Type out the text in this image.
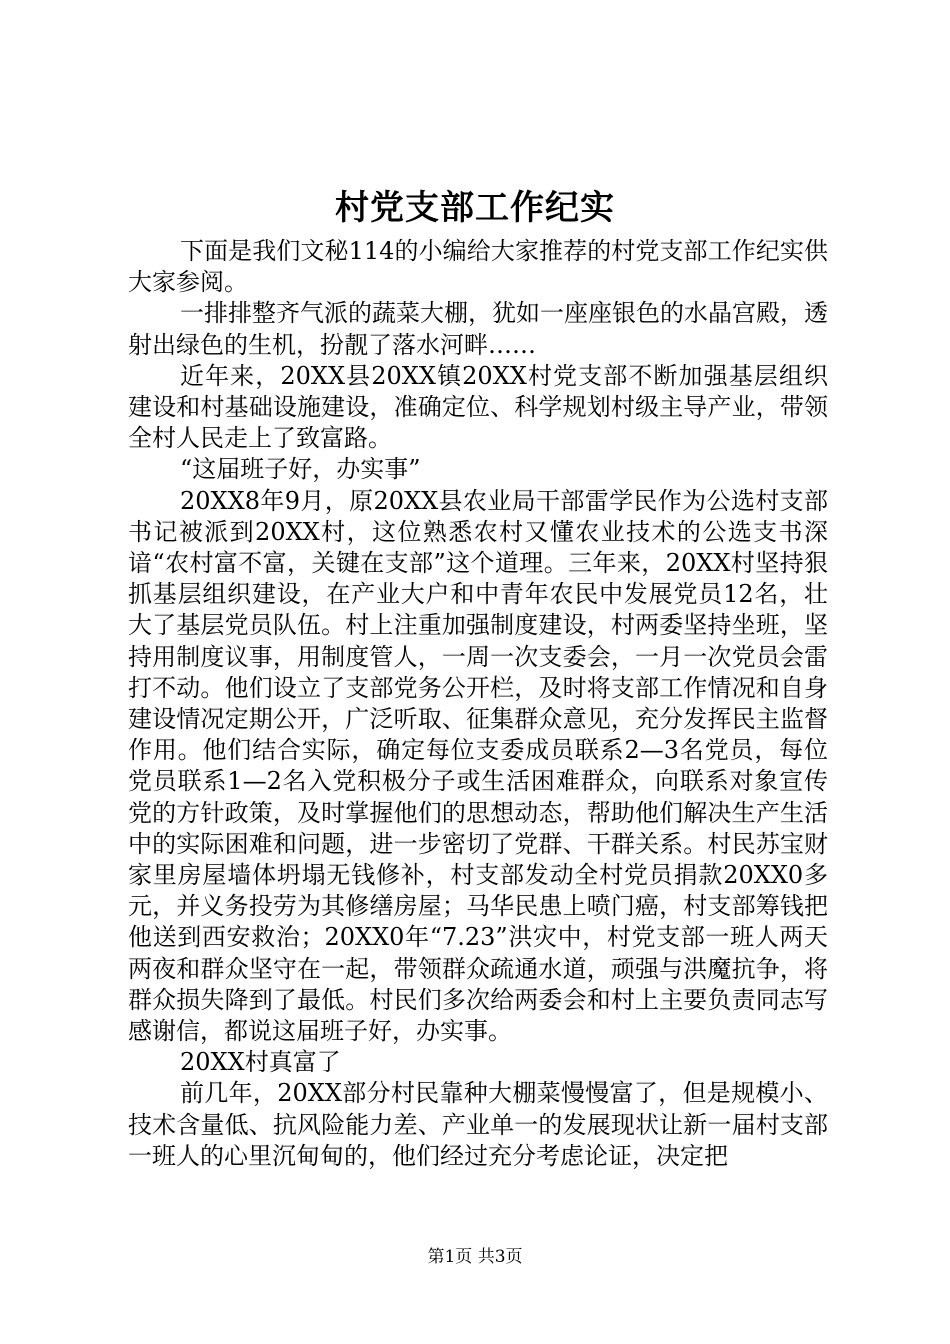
村党支部工作纪实

下面是我们文秘114的小编给大家推荐的村党支部工作纪实供大家参阅。

一排排整齐气派的蔬菜大棚，犹如一座座银色的水晶宫殿，透射出绿色的生机，扮靓了落水河畔……

近年来，20XX县20XX镇20XX村党支部不断加强基层组织建设和村基础设施建设，准确定位、科学规划村级主导产业，带领全村人民走上了致富路。

“这届班子好，办实事”

20XX8年9月，原20XX县农业局干部雷学民作为公选村支部书记被派到20XX村，这位熟悉农村又懂农业技术的公选支书深谙“农村富不富，关键在支部”这个道理。三年来，20XX村坚持狠抓基层组织建设，在产业大户和中青年农民中发展党员12名，壮大了基层党员队伍。村上注重加强制度建设，村两委坚持坐班，坚持用制度议事，用制度管人，一周一次支委会，一月一次党员会雷打不动。他们设立了支部党务公开栏，及时将支部工作情况和自身建设情况定期公开，广泛听取、征集群众意见，充分发挥民主监督作用。他们结合实际，确定每位支委成员联系2—3名党员，每位党员联系1—2名入党积极分子或生活困难群众，向联系对象宣传党的方针政策，及时掌握他们的思想动态，帮助他们解决生产生活中的实际困难和问题，进一步密切了党群、干群关系。村民苏宝财家里房屋墙体坍塌无钱修补，村支部发动全村党员捐款20XX0多元，并义务投劳为其修缮房屋；马华民患上喷门癌，村支部筹钱把他送到西安救治；20XX0年“7.23”洪灾中，村党支部一班人两天两夜和群众坚守在一起，带领群众疏通水道，顽强与洪魔抗争，将群众损失降到了最低。村民们多次给两委会和村上主要负责同志写感谢信，都说这届班子好，办实事。

20XX村真富了

前几年，20XX部分村民靠种大棚菜慢慢富了，但是规模小、技术含量低、抗风险能力差、产业单一的发展现状让新一届村支部一班人的心里沉甸甸的，他们经过充分考虑论证，决定把

第1页 共3页
